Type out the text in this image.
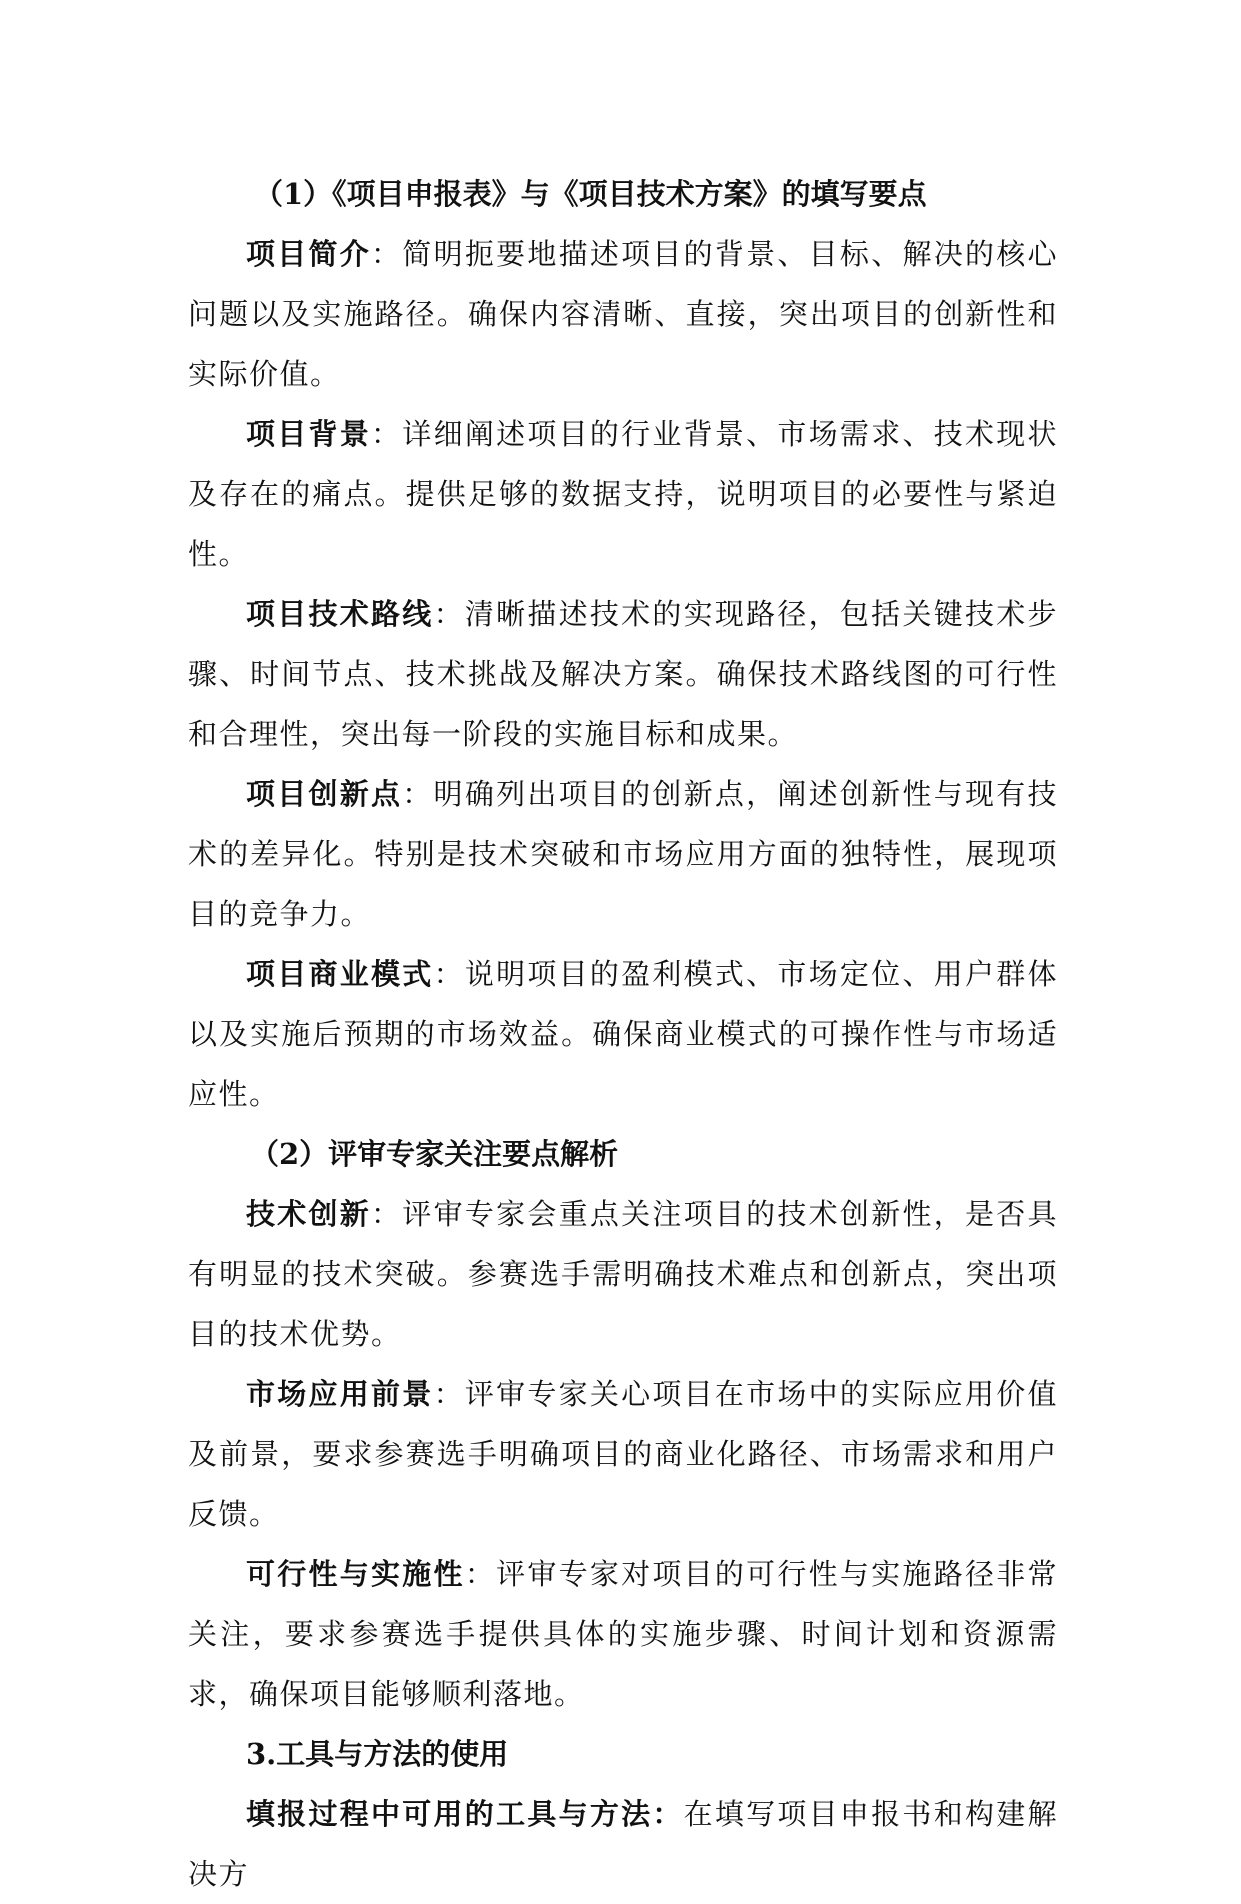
（1）《项目申报表》与《项目技术方案》的填写要点

项目简介：简明扼要地描述项目的背景、目标、解决的核心问题以及实施路径。确保内容清晰、直接，突出项目的创新性和实际价值。

项目背景：详细阐述项目的行业背景、市场需求、技术现状及存在的痛点。提供足够的数据支持，说明项目的必要性与紧迫性。

项目技术路线：清晰描述技术的实现路径，包括关键技术步骤、时间节点、技术挑战及解决方案。确保技术路线图的可行性和合理性，突出每一阶段的实施目标和成果。

项目创新点：明确列出项目的创新点，阐述创新性与现有技术的差异化。特别是技术突破和市场应用方面的独特性，展现项目的竞争力。

项目商业模式：说明项目的盈利模式、市场定位、用户群体以及实施后预期的市场效益。确保商业模式的可操作性与市场适应性。

（2）评审专家关注要点解析

技术创新：评审专家会重点关注项目的技术创新性，是否具有明显的技术突破。参赛选手需明确技术难点和创新点，突出项目的技术优势。

市场应用前景：评审专家关心项目在市场中的实际应用价值及前景，要求参赛选手明确项目的商业化路径、市场需求和用户反馈。

可行性与实施性：评审专家对项目的可行性与实施路径非常关注，要求参赛选手提供具体的实施步骤、时间计划和资源需求，确保项目能够顺利落地。

3.工具与方法的使用

填报过程中可用的工具与方法：在填写项目申报书和构建解决方
